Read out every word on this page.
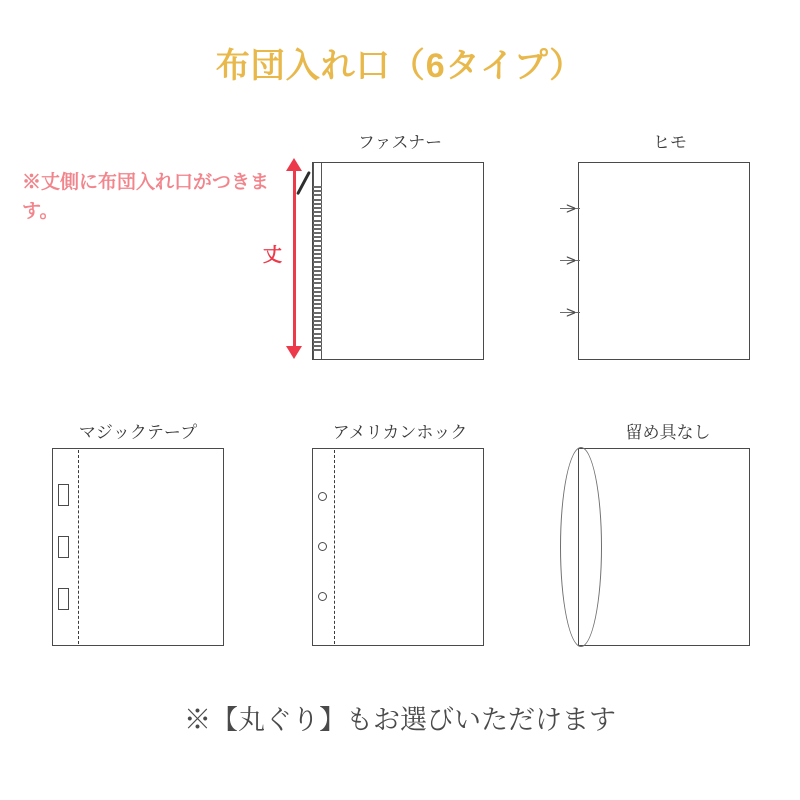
布団入れ口（6タイプ）
※丈側に布団入れ口がつきます。
丈
ファスナー	ヒモ
>
>
>
マジックテープ	アメリカンホック	留め具なし
※【丸ぐり】もお選びいただけます
